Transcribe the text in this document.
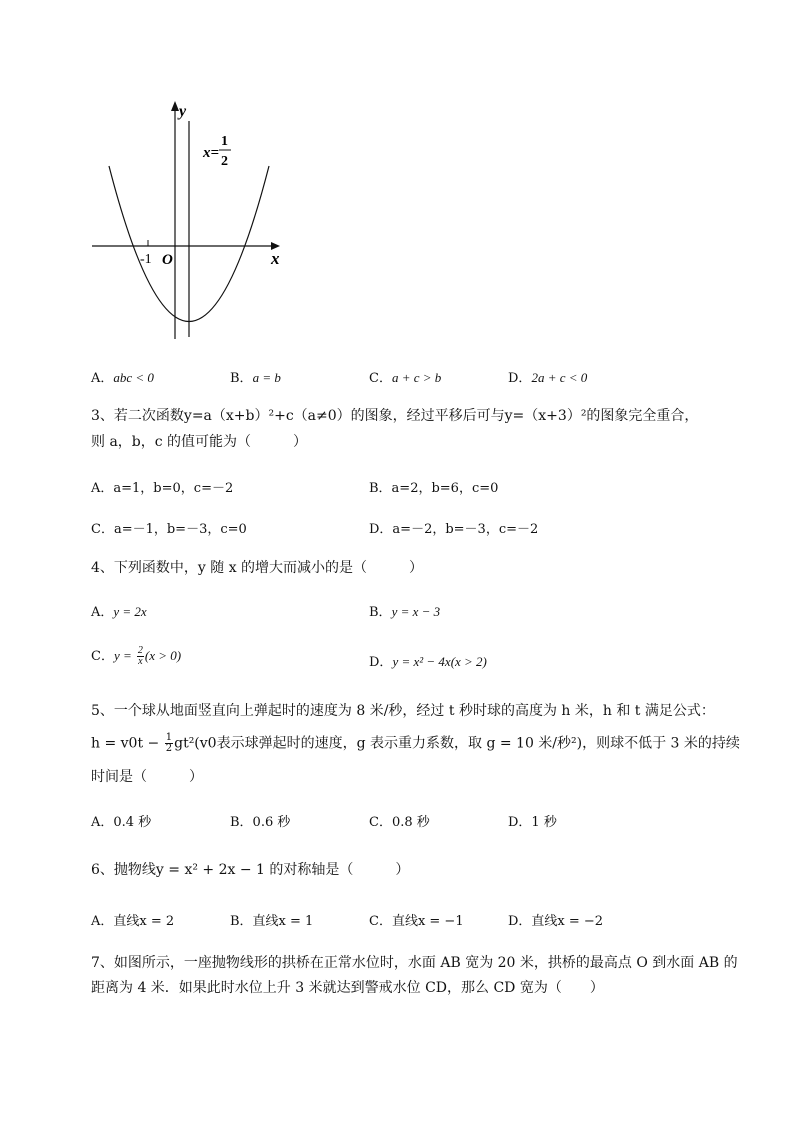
y
x
O
-1
x=
1
2
A．abc < 0	B．a = b	C．a + c > b	D．2a + c < 0
3、若二次函数y=a（x+b）²+c（a≠0）的图象，经过平移后可与y=（x+3）²的图象完全重合，
则 a，b，c 的值可能为（　　　）
A．a=1，b=0，c=－2	B．a=2，b=6，c=0
C．a=－1，b=－3，c=0	D．a=－2，b=－3，c=－2
4、下列函数中，y 随 x 的增大而减小的是（　　　）
A．y = 2x	B．y = x − 3
C．$y = \frac{2}{x} (x > 0)$	D．y = x² − 4x(x > 2)
5、一个球从地面竖直向上弹起时的速度为 8 米/秒，经过 t 秒时球的高度为 h 米，h 和 t 满足公式：
$h = v0t - \frac{1}{2} gt^2(v0$表示球弹起时的速度，g 表示重力系数，取 g = 10 米/秒²)，则球不低于 3 米的持续
时间是（　　　）
A．0.4 秒	B．0.6 秒	C．0.8 秒	D．1 秒
6、抛物线y = x² + 2x − 1 的对称轴是（　　　）
A．直线x = 2	B．直线x = 1	C．直线x = −1	D．直线x = −2
7、如图所示，一座抛物线形的拱桥在正常水位时，水面 AB 宽为 20 米，拱桥的最高点 O 到水面 AB 的
距离为 4 米．如果此时水位上升 3 米就达到警戒水位 CD，那么 CD 宽为（　　）
